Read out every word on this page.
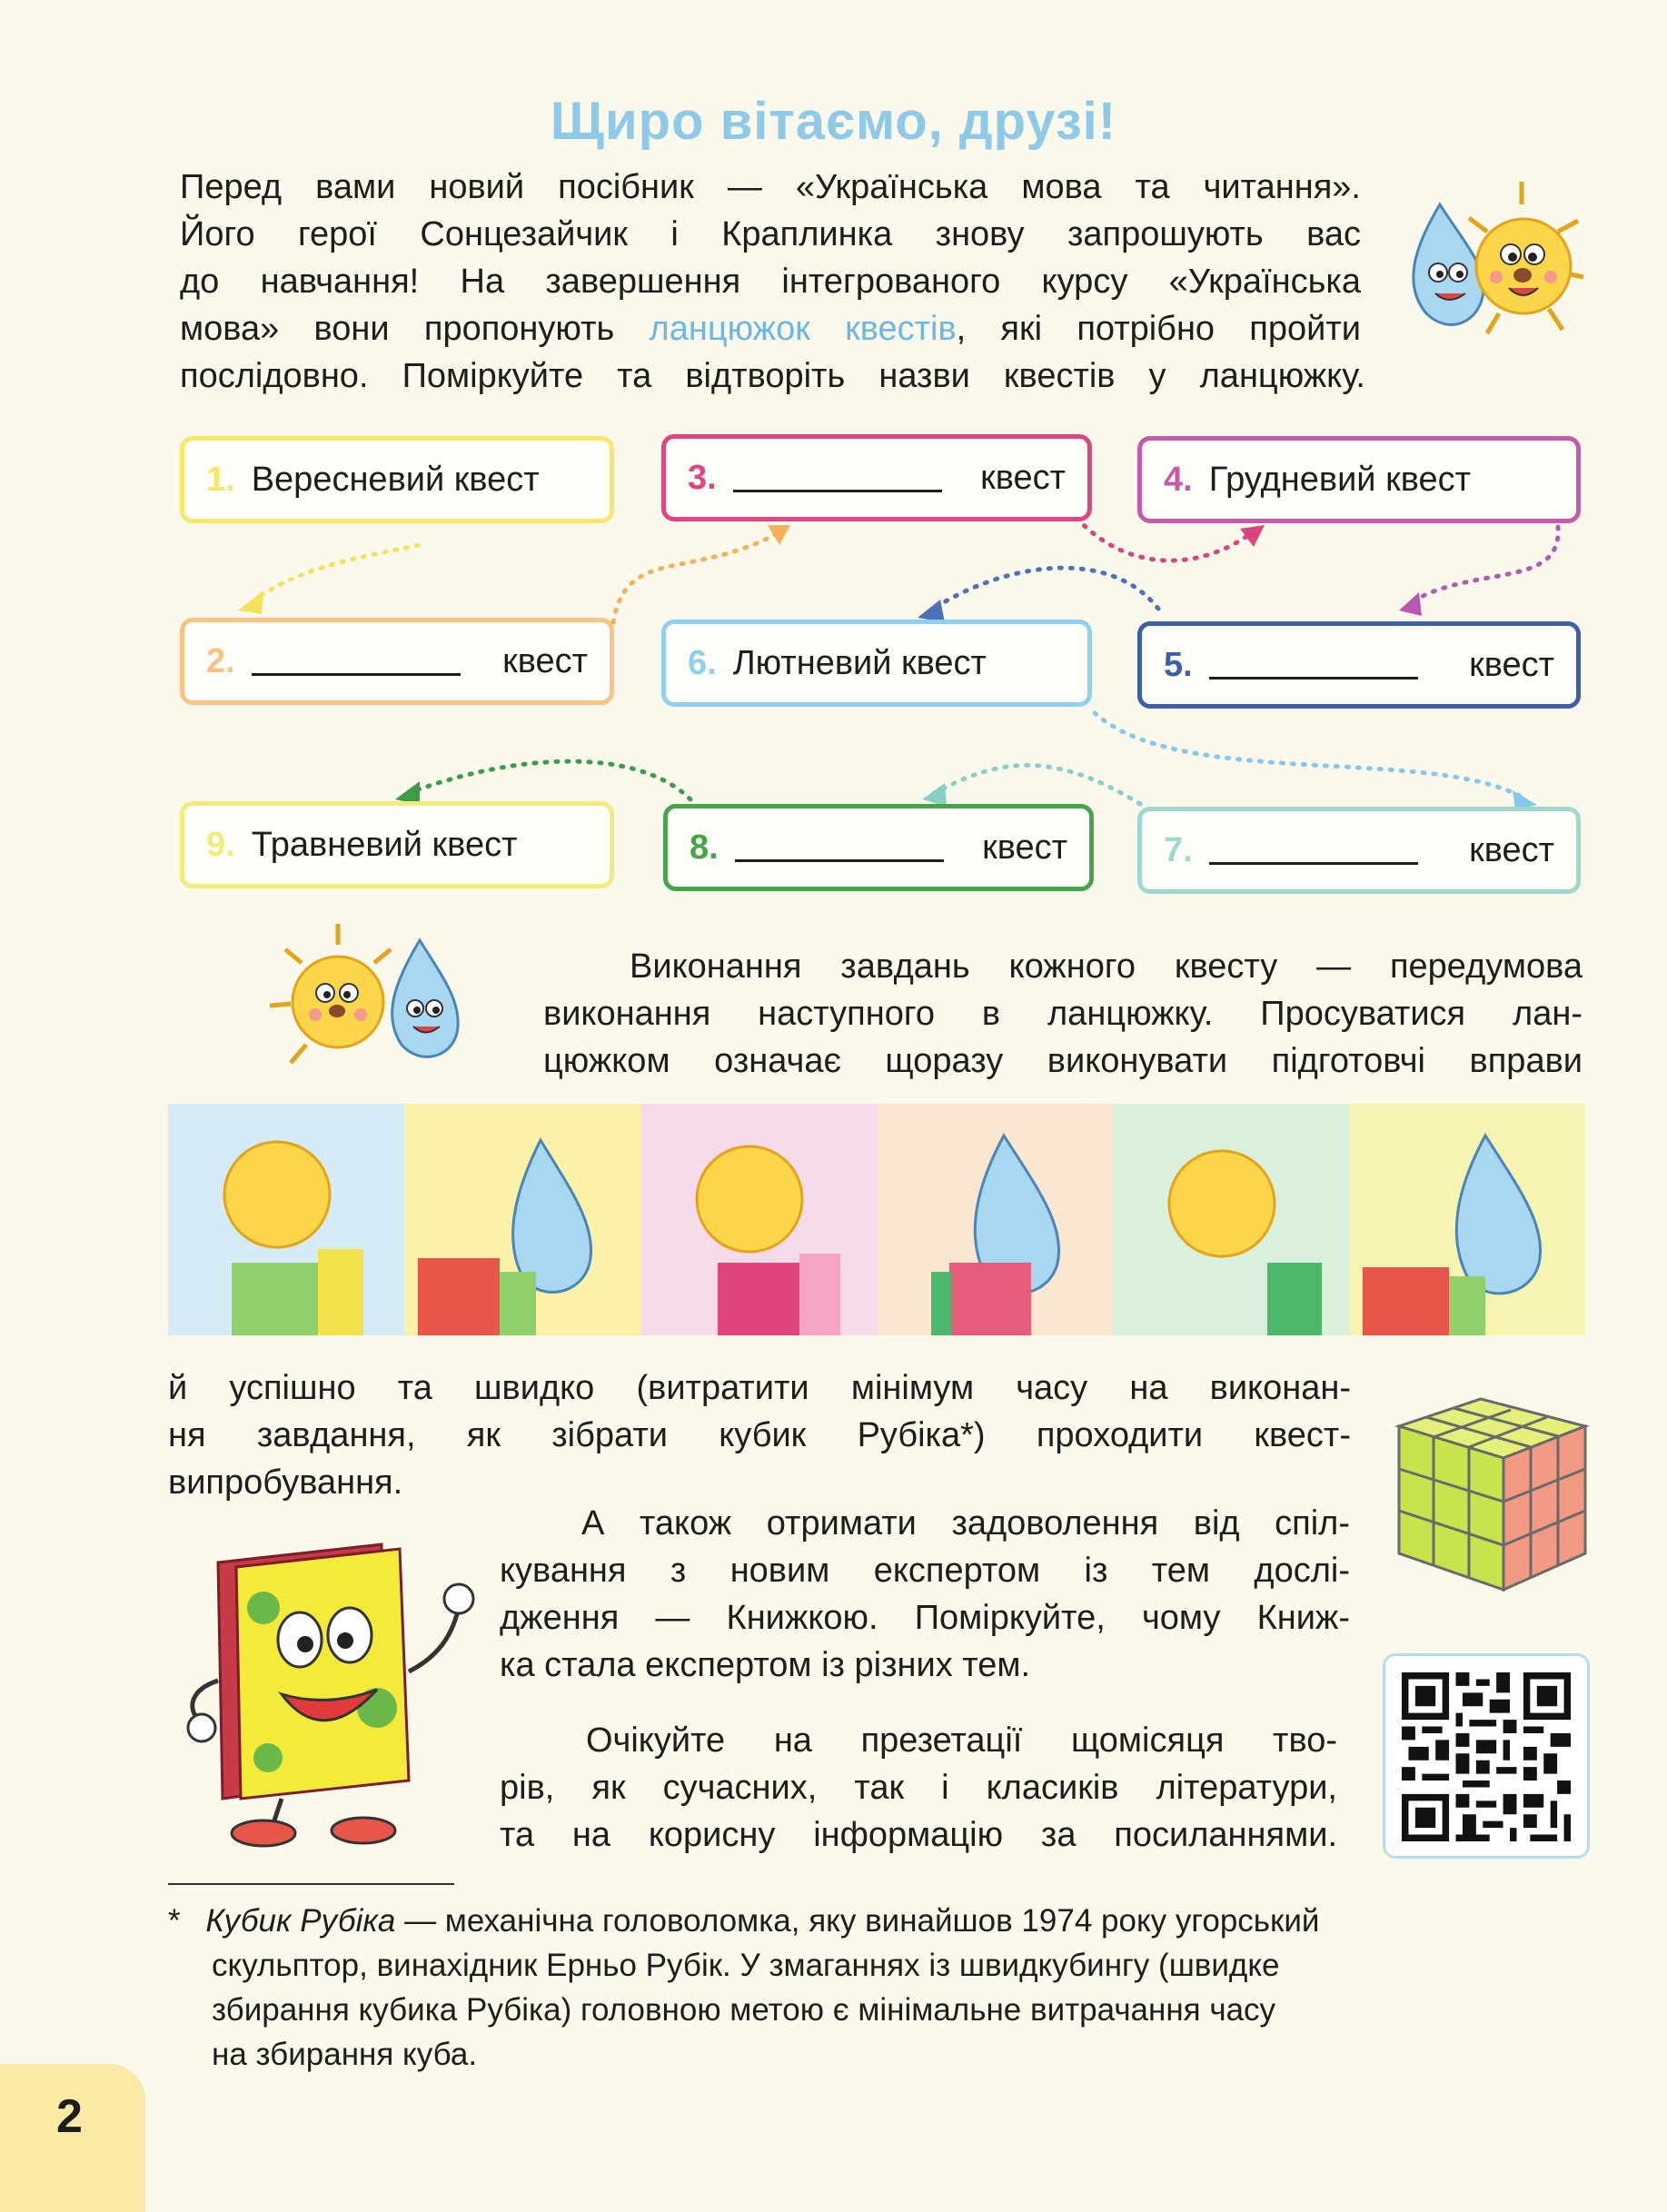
Щиро вітаємо, друзі!
Перед вами новий посібник — «Українська мова та читання».
Його герої Сонцезайчик і Краплинка знову запрошують вас
до навчання! На завершення інтегрованого курсу «Українська
мова» вони пропонують ланцюжок квестів, які потрібно пройти
послідовно. Поміркуйте та відтворіть назви квестів у ланцюжку.
1. Вересневий квест	3.	квест	4. Грудневий квест
2.	квест	6. Лютневий квест	5.	квест
9. Травневий квест	8.	квест	7.	квест
Виконання завдань кожного квесту — передумова
виконання наступного в ланцюжку. Просуватися лан-
цюжком означає щоразу виконувати підготовчі вправи
й успішно та швидко (витратити мінімум часу на виконан-
ня завдання, як зібрати кубик Рубіка*) проходити квест-
випробування.
А також отримати задоволення від спіл-
кування з новим експертом із тем дослі-
дження — Книжкою. Поміркуйте, чому Книж-
ка стала експертом із різних тем.
Очікуйте на презетації щомісяця тво-
рів, як сучасних, так і класиків літератури,
та на корисну інформацію за посиланнями.
* Кубик Рубіка — механічна головоломка, яку винайшов 1974 року угорський
скульптор, винахідник Ерньо Рубік. У змаганнях із швидкубингу (швидке
збирання кубика Рубіка) головною метою є мінімальне витрачання часу
на збирання куба.
2
